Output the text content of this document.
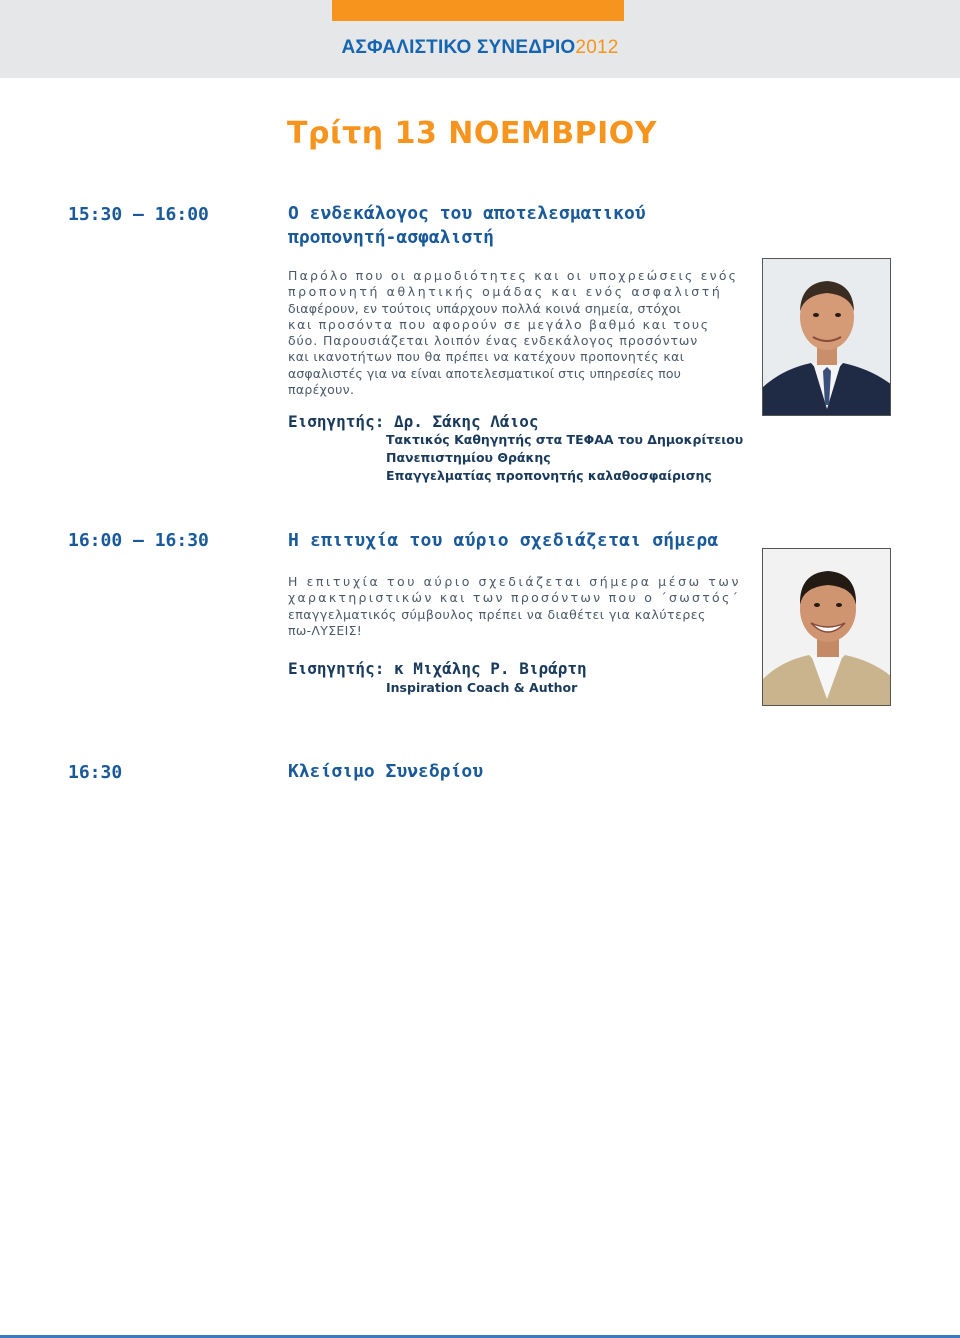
ΑΣΦΑΛΙΣΤΙΚΟ ΣΥΝΕΔΡΙΟ2012
Τρίτη 13 ΝΟΕΜΒΡΙΟΥ
15:30 – 16:00	Ο ενδεκάλογος του αποτελεσματικού
προπονητή-ασφαλιστή
Παρόλο που οι αρμοδιότητες και οι υποχρεώσεις ενός
προπονητή αθλητικής ομάδας και ενός ασφαλιστή
διαφέρουν, εν τούτοις υπάρχουν πολλά κοινά σημεία, στόχοι
και προσόντα που αφορούν σε μεγάλο βαθμό και τους
δύο. Παρουσιάζεται λοιπόν ένας ενδεκάλογος προσόντων
και ικανοτήτων που θα πρέπει να κατέχουν προπονητές και
ασφαλιστές για να είναι αποτελεσματικοί στις υπηρεσίες που
παρέχουν.
Εισηγητής: Δρ. Σάκης Λάιος
Τακτικός Καθηγητής στα ΤΕΦΑΑ του Δημοκρίτειου
Πανεπιστημίου Θράκης
Επαγγελματίας προπονητής καλαθοσφαίρισης
16:00 – 16:30	Η επιτυχία του αύριο σχεδιάζεται σήμερα
Η επιτυχία του αύριο σχεδιάζεται σήμερα μέσω των
χαρακτηριστικών και των προσόντων που ο ΄σωστός΄
επαγγελματικός σύμβουλος πρέπει να διαθέτει για καλύτερες
πω-ΛΥΣΕΙΣ!
Εισηγητής: κ Μιχάλης Ρ. Βιράρτη
Inspiration Coach & Author
16:30	Κλείσιμο Συνεδρίου
